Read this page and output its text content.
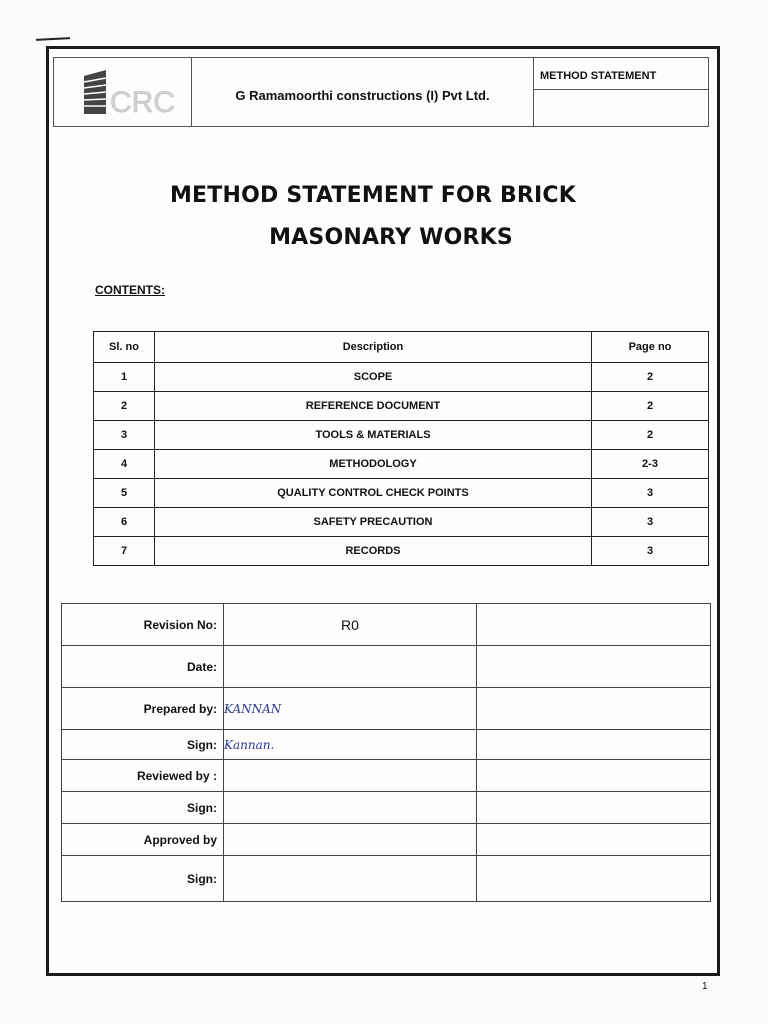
CRC	G Ramamoorthi constructions (I) Pvt Ltd.
METHOD STATEMENT
METHOD STATEMENT FOR BRICK
MASONARY WORKS
CONTENTS:
Sl. no	Description	Page no
1	SCOPE	2
2	REFERENCE DOCUMENT	2
3	TOOLS & MATERIALS	2
4	METHODOLOGY	2-3
5	QUALITY CONTROL CHECK POINTS	3
6	SAFETY PRECAUTION	3
7	RECORDS	3
Revision No:	R0	
Date:		
Prepared by:	KANNAN	
Sign:	Kannan.	
Reviewed by :		
Sign:		
Approved by		
Sign:		
1
